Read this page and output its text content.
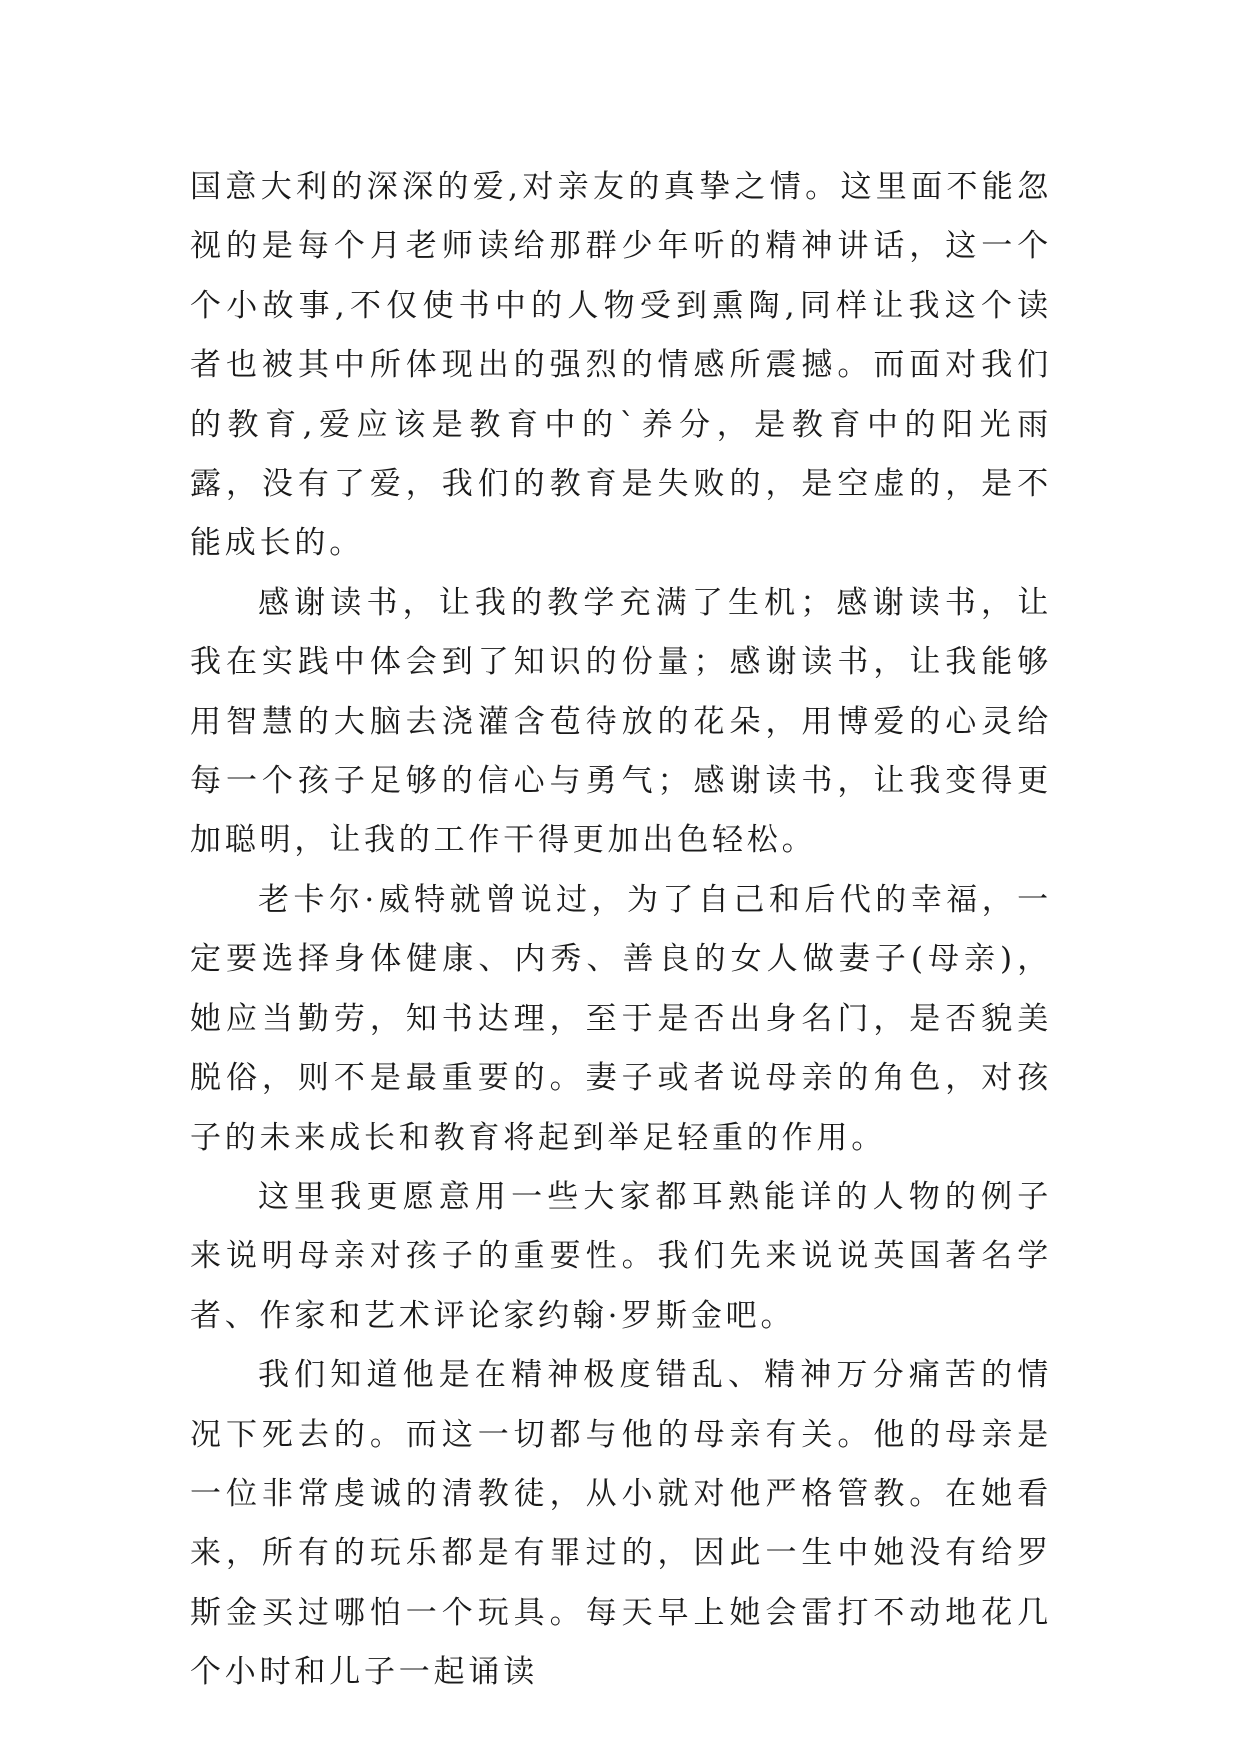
国意大利的深深的爱,对亲友的真挚之情。这里面不能忽视的是每个月老师读给那群少年听的精神讲话，这一个个小故事,不仅使书中的人物受到熏陶,同样让我这个读者也被其中所体现出的强烈的情感所震撼。而面对我们的教育,爱应该是教育中的`养分，是教育中的阳光雨露，没有了爱，我们的教育是失败的，是空虚的，是不能成长的。

感谢读书，让我的教学充满了生机；感谢读书，让我在实践中体会到了知识的份量；感谢读书，让我能够用智慧的大脑去浇灌含苞待放的花朵，用博爱的心灵给每一个孩子足够的信心与勇气；感谢读书，让我变得更加聪明，让我的工作干得更加出色轻松。

老卡尔·威特就曾说过，为了自己和后代的幸福，一定要选择身体健康、内秀、善良的女人做妻子(母亲)，她应当勤劳，知书达理，至于是否出身名门，是否貌美脱俗，则不是最重要的。妻子或者说母亲的角色，对孩子的未来成长和教育将起到举足轻重的作用。

这里我更愿意用一些大家都耳熟能详的人物的例子来说明母亲对孩子的重要性。我们先来说说英国著名学者、作家和艺术评论家约翰·罗斯金吧。

我们知道他是在精神极度错乱、精神万分痛苦的情况下死去的。而这一切都与他的母亲有关。他的母亲是一位非常虔诚的清教徒，从小就对他严格管教。在她看来，所有的玩乐都是有罪过的，因此一生中她没有给罗斯金买过哪怕一个玩具。每天早上她会雷打不动地花几个小时和儿子一起诵读
